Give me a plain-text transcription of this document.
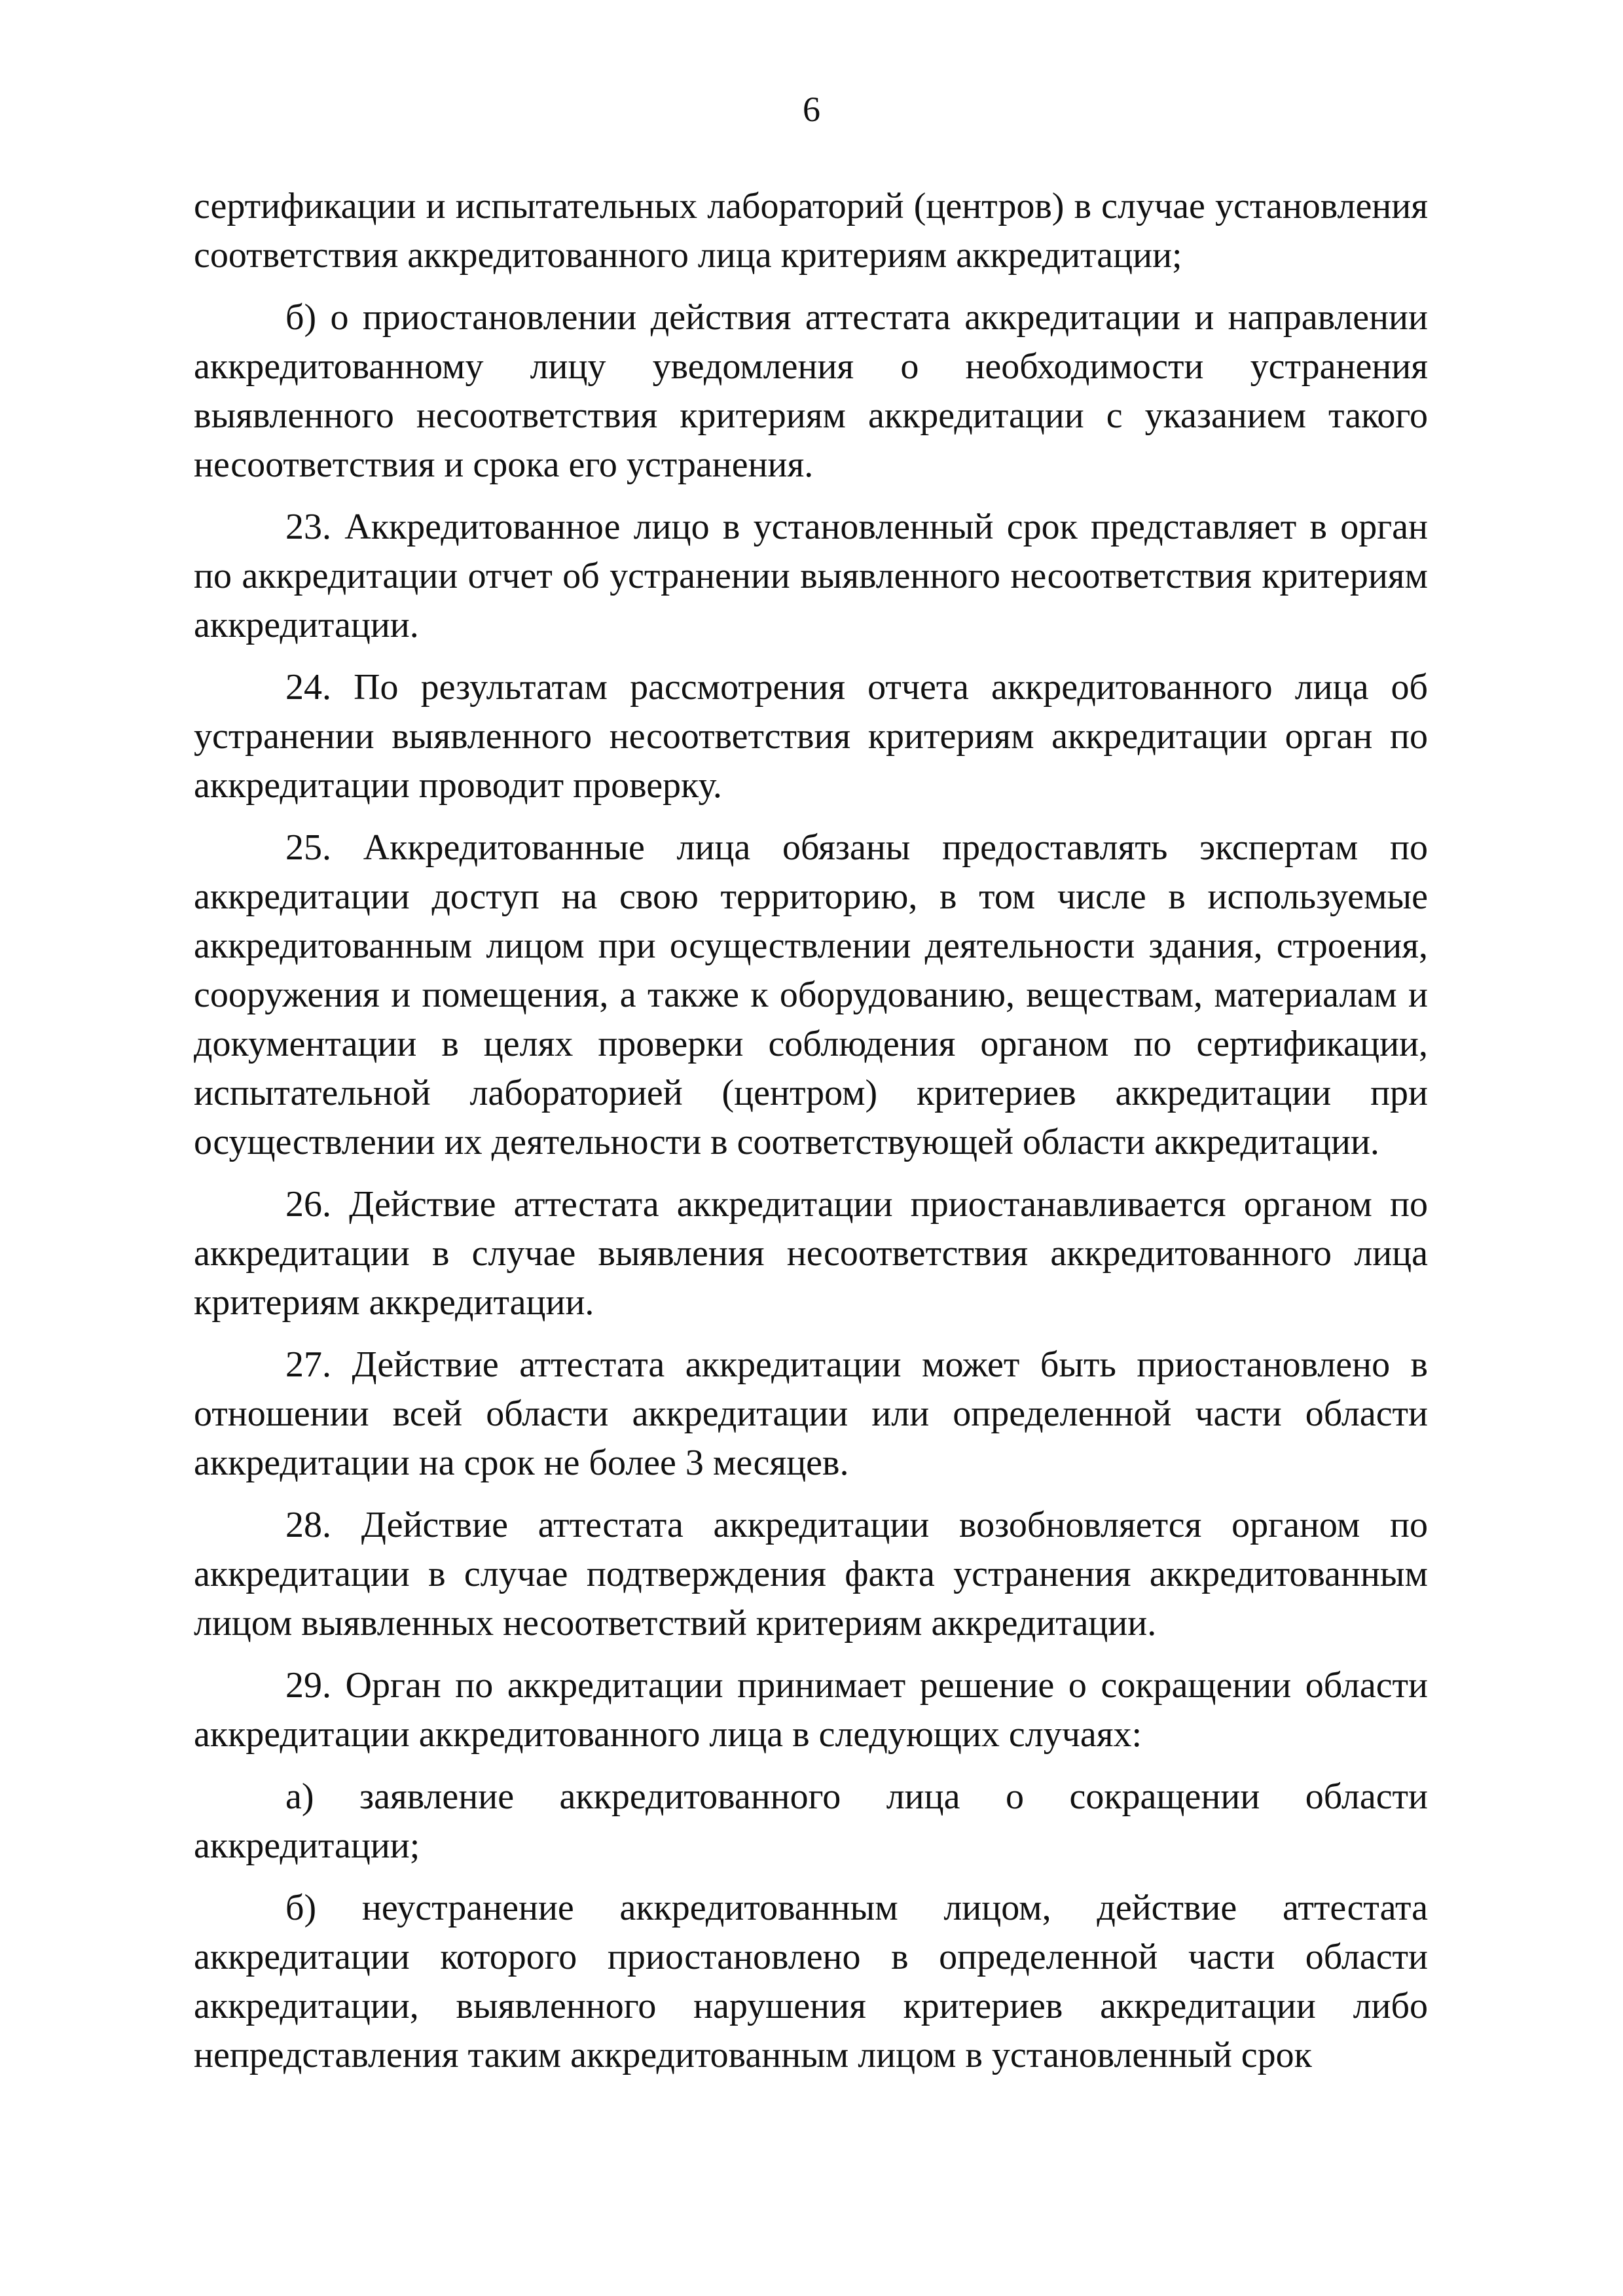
6

сертификации и испытательных лабораторий (центров) в случае установления соответствия аккредитованного лица критериям аккредитации;

б) о приостановлении действия аттестата аккредитации и направлении аккредитованному лицу уведомления о необходимости устранения выявленного несоответствия критериям аккредитации с указанием такого несоответствия и срока его устранения.

23. Аккредитованное лицо в установленный срок представляет в орган по аккредитации отчет об устранении выявленного несоответствия критериям аккредитации.

24. По результатам рассмотрения отчета аккредитованного лица об устранении выявленного несоответствия критериям аккредитации орган по аккредитации проводит проверку.

25. Аккредитованные лица обязаны предоставлять экспертам по аккредитации доступ на свою территорию, в том числе в используемые аккредитованным лицом при осуществлении деятельности здания, строения, сооружения и помещения, а также к оборудованию, веществам, материалам и документации в целях проверки соблюдения органом по сертификации, испытательной лабораторией (центром) критериев аккредитации при осуществлении их деятельности в соответствующей области аккредитации.

26. Действие аттестата аккредитации приостанавливается органом по аккредитации в случае выявления несоответствия аккредитованного лица критериям аккредитации.

27. Действие аттестата аккредитации может быть приостановлено в отношении всей области аккредитации или определенной части области аккредитации на срок не более 3 месяцев.

28. Действие аттестата аккредитации возобновляется органом по аккредитации в случае подтверждения факта устранения аккредитованным лицом выявленных несоответствий критериям аккредитации.

29. Орган по аккредитации принимает решение о сокращении области аккредитации аккредитованного лица в следующих случаях:

а) заявление аккредитованного лица о сокращении области аккредитации;

б) неустранение аккредитованным лицом, действие аттестата аккредитации которого приостановлено в определенной части области аккредитации, выявленного нарушения критериев аккредитации либо непредставления таким аккредитованным лицом в установленный срок
